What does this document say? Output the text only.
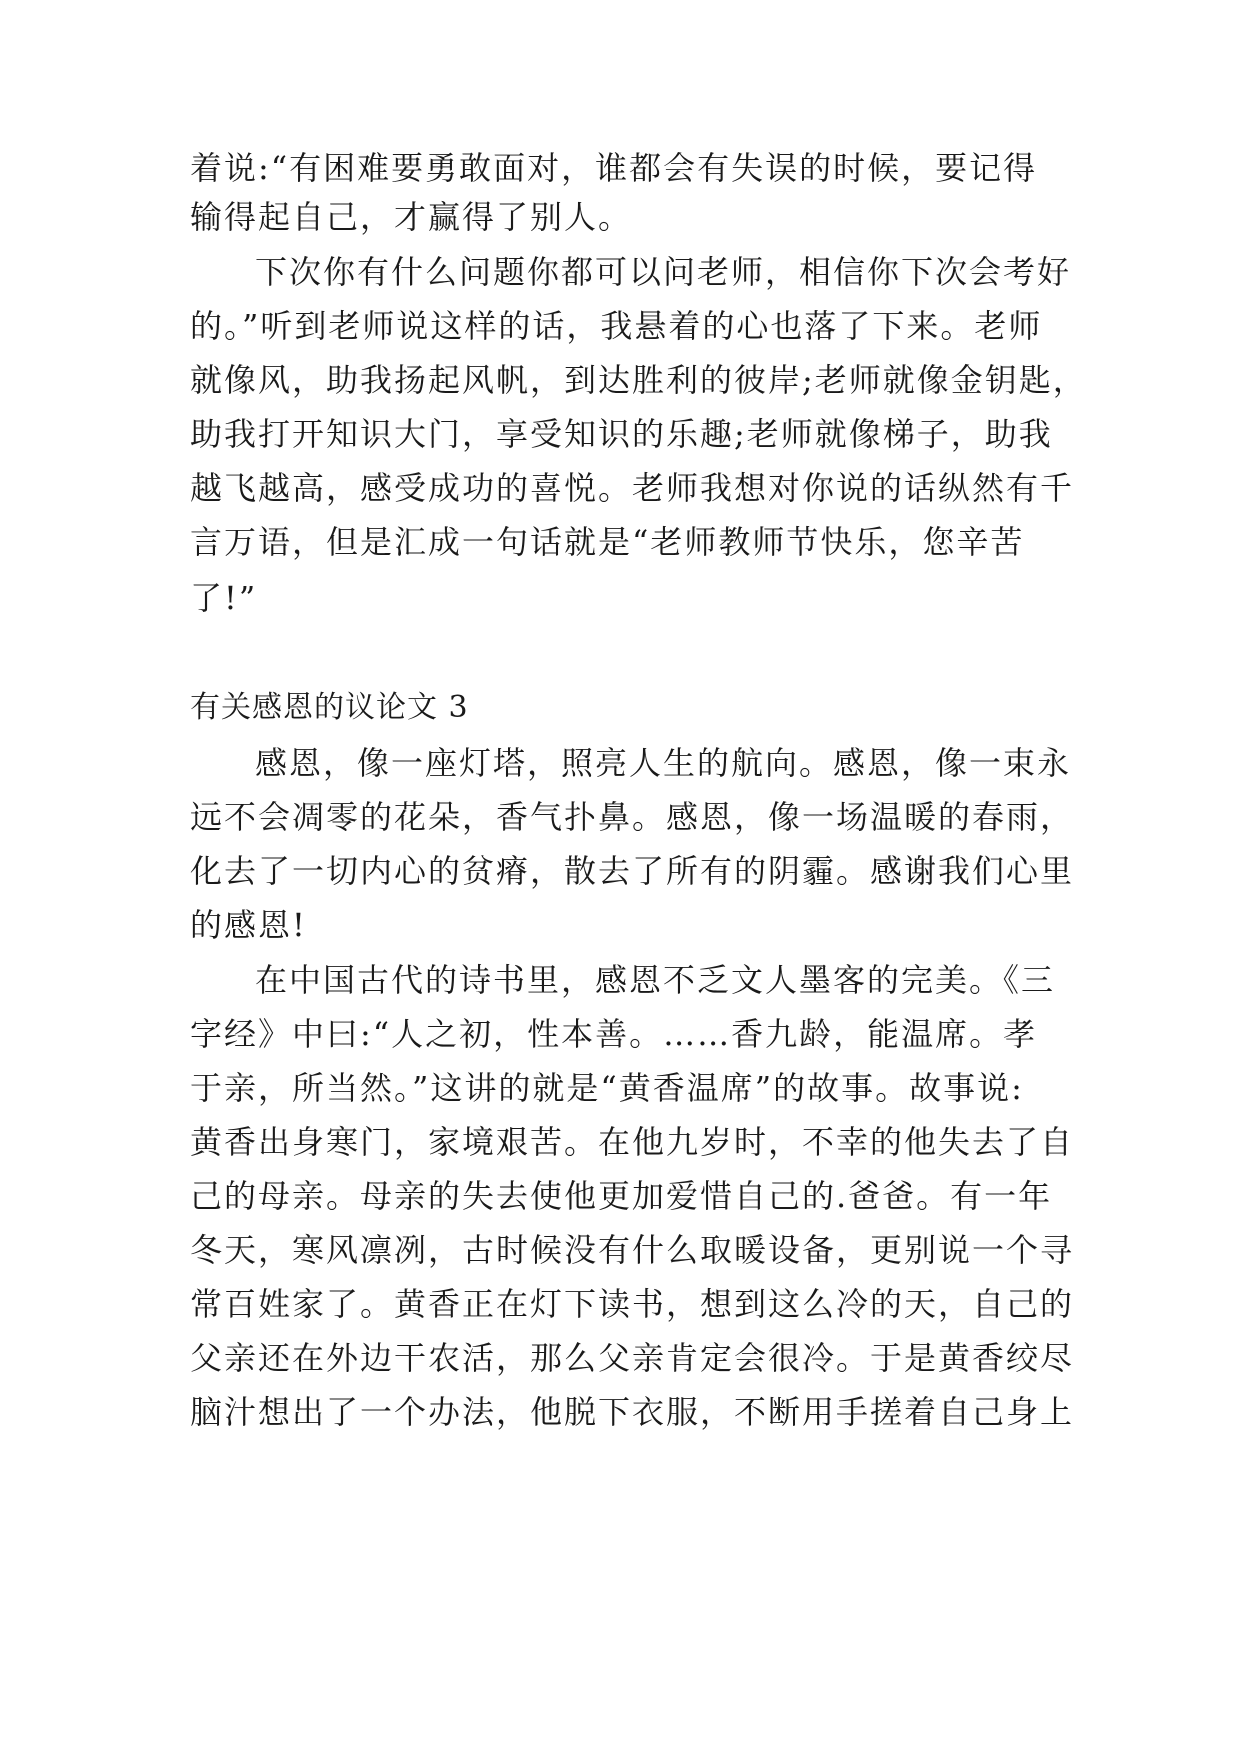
着说:“有困难要勇敢面对，谁都会有失误的时候，要记得
输得起自己，才赢得了别人。
下次你有什么问题你都可以问老师，相信你下次会考好
的。”听到老师说这样的话，我悬着的心也落了下来。老师
就像风，助我扬起风帆，到达胜利的彼岸;老师就像金钥匙，
助我打开知识大门，享受知识的乐趣;老师就像梯子，助我
越飞越高，感受成功的喜悦。老师我想对你说的话纵然有千
言万语，但是汇成一句话就是“老师教师节快乐，您辛苦
了!”
有关感恩的议论文 3
感恩，像一座灯塔，照亮人生的航向。感恩，像一束永
远不会凋零的花朵，香气扑鼻。感恩，像一场温暖的春雨，
化去了一切内心的贫瘠，散去了所有的阴霾。感谢我们心里
的感恩!
在中国古代的诗书里，感恩不乏文人墨客的完美。《三
字经》中曰:“人之初，性本善。……香九龄，能温席。孝
于亲，所当然。”这讲的就是“黄香温席”的故事。故事说:
黄香出身寒门，家境艰苦。在他九岁时，不幸的他失去了自
己的母亲。母亲的失去使他更加爱惜自己的.爸爸。有一年
冬天，寒风凛冽，古时候没有什么取暖设备，更别说一个寻
常百姓家了。黄香正在灯下读书，想到这么冷的天，自己的
父亲还在外边干农活，那么父亲肯定会很冷。于是黄香绞尽
脑汁想出了一个办法，他脱下衣服，不断用手搓着自己身上
